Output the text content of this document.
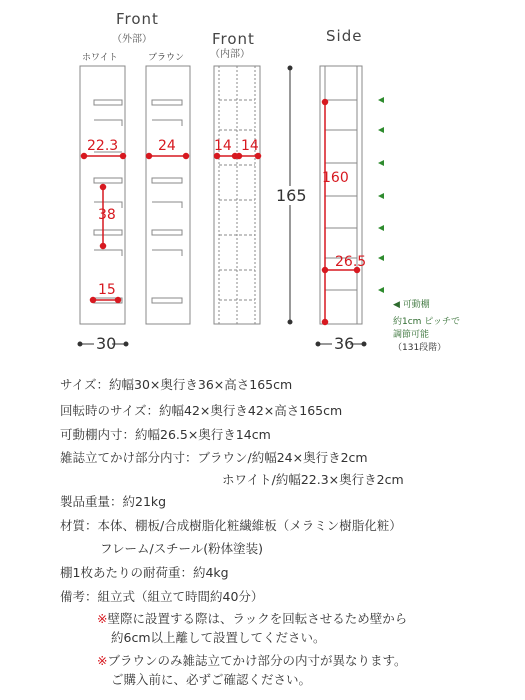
Front
（外部）
ホワイト	ブラウン
Front
（内部）
Side
22.3	24	14 14
38
15
160
26.5
165
30	36
◀ 可動棚
約1cm ピッチで
調節可能
（131段階）
サイズ：約幅30×奥行き36×高さ165cm
回転時のサイズ：約幅42×奥行き42×高さ165cm
可動棚内寸：約幅26.5×奥行き14cm
雑誌立てかけ部分内寸：ブラウン/約幅24×奥行き2cm
ホワイト/約幅22.3×奥行き2cm
製品重量：約21kg
材質：本体、棚板/合成樹脂化粧繊維板（メラミン樹脂化粧）
フレーム/スチール(粉体塗装)
棚1枚あたりの耐荷重：約4kg
備考：組立式（組立て時間約40分）
※壁際に設置する際は、ラックを回転させるため壁から
約6cm以上離して設置してください。
※ブラウンのみ雑誌立てかけ部分の内寸が異なります。
ご購入前に、必ずご確認ください。
